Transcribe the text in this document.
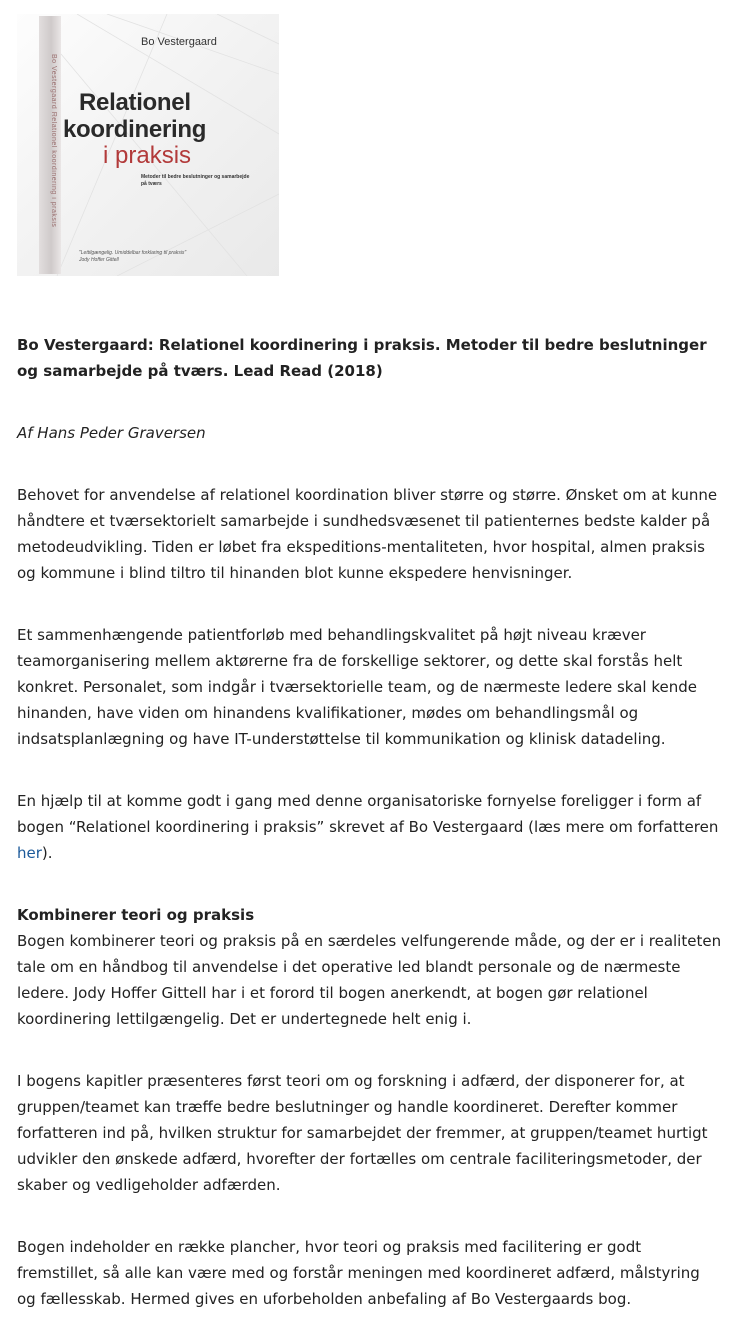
Bo Vestergaard Relationel koordinering i praksis
Bo Vestergaard
Relationel
koordinering
i praksis
Metoder til bedre beslutninger og samarbejde på tværs
"Lettilgængelig. Umiddelbar forklaring til praksis" Jody Hoffer Gittell

Bo Vestergaard: Relationel koordinering i praksis. Metoder til bedre beslutninger og samarbejde på tværs. Lead Read (2018)

Af Hans Peder Graversen

Behovet for anvendelse af relationel koordination bliver større og større. Ønsket om at kunne håndtere et tværsektorielt samarbejde i sundhedsvæsenet til patienternes bedste kalder på metodeudvikling. Tiden er løbet fra ekspeditions-mentaliteten, hvor hospital, almen praksis og kommune i blind tiltro til hinanden blot kunne ekspedere henvisninger.

Et sammenhængende patientforløb med behandlingskvalitet på højt niveau kræver teamorganisering mellem aktørerne fra de forskellige sektorer, og dette skal forstås helt konkret. Personalet, som indgår i tværsektorielle team, og de nærmeste ledere skal kende hinanden, have viden om hinandens kvalifikationer, mødes om behandlingsmål og indsatsplanlægning og have IT-understøttelse til kommunikation og klinisk datadeling.

En hjælp til at komme godt i gang med denne organisatoriske fornyelse foreligger i form af bogen “Relationel koordinering i praksis” skrevet af Bo Vestergaard (læs mere om forfatteren her).

Kombinerer teori og praksis
Bogen kombinerer teori og praksis på en særdeles velfungerende måde, og der er i realiteten tale om en håndbog til anvendelse i det operative led blandt personale og de nærmeste ledere. Jody Hoffer Gittell har i et forord til bogen anerkendt, at bogen gør relationel koordinering lettilgængelig. Det er undertegnede helt enig i.

I bogens kapitler præsenteres først teori om og forskning i adfærd, der disponerer for, at gruppen/teamet kan træffe bedre beslutninger og handle koordineret. Derefter kommer forfatteren ind på, hvilken struktur for samarbejdet der fremmer, at gruppen/teamet hurtigt udvikler den ønskede adfærd, hvorefter der fortælles om centrale faciliteringsmetoder, der skaber og vedligeholder adfærden.

Bogen indeholder en række plancher, hvor teori og praksis med facilitering er godt fremstillet, så alle kan være med og forstår meningen med koordineret adfærd, målstyring og fællesskab. Hermed gives en uforbeholden anbefaling af Bo Vestergaards bog.
